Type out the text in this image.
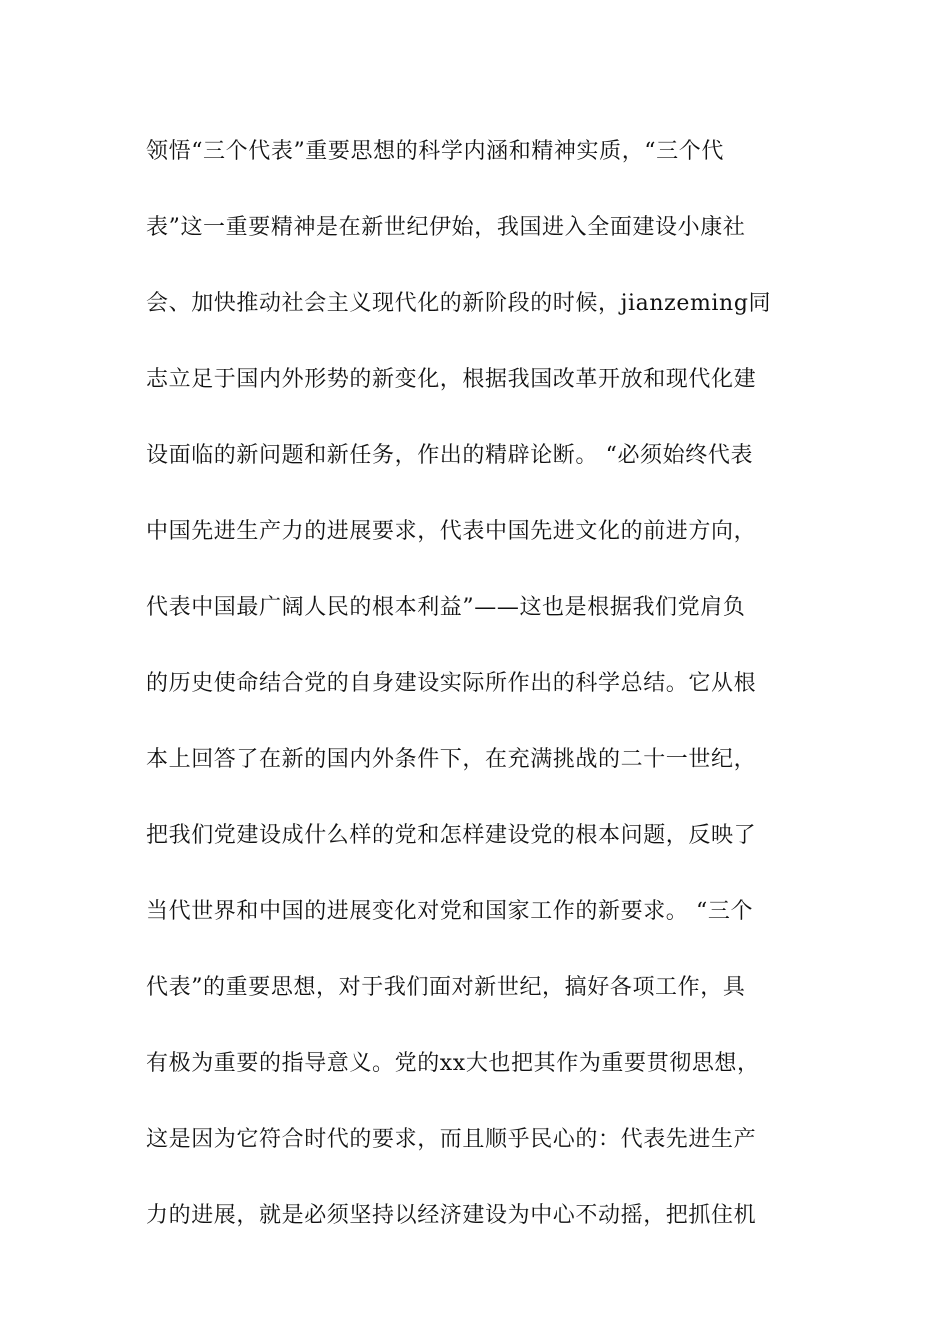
领悟“三个代表”重要思想的科学内涵和精神实质，“三个代
表”这一重要精神是在新世纪伊始，我国进入全面建设小康社
会、加快推动社会主义现代化的新阶段的时候，jianzeming同
志立足于国内外形势的新变化，根据我国改革开放和现代化建
设面临的新问题和新任务，作出的精辟论断。 “必须始终代表
中国先进生产力的进展要求，代表中国先进文化的前进方向，
代表中国最广阔人民的根本利益”——这也是根据我们党肩负
的历史使命结合党的自身建设实际所作出的科学总结。它从根
本上回答了在新的国内外条件下，在充满挑战的二十一世纪，
把我们党建设成什么样的党和怎样建设党的根本问题，反映了
当代世界和中国的进展变化对党和国家工作的新要求。 “三个
代表”的重要思想，对于我们面对新世纪，搞好各项工作，具
有极为重要的指导意义。党的xx大也把其作为重要贯彻思想，
这是因为它符合时代的要求，而且顺乎民心的：代表先进生产
力的进展，就是必须坚持以经济建设为中心不动摇，把抓住机
